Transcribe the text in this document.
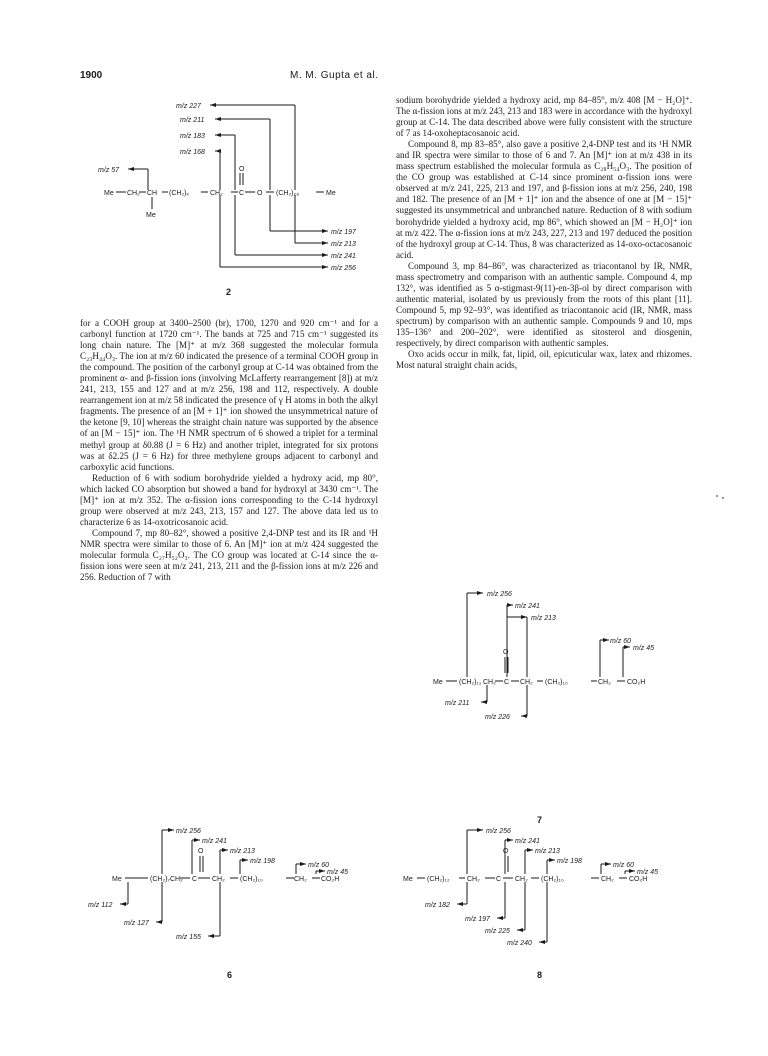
1900	M. M. Gupta et al.
m/z 227
m/z 211
m/z 183
m/z 168
m/z 57
m/z 197
m/z 213
m/z 241
m/z 256
Me CH₂ CH (CH₂)ₓ	CH₂ C O (CH₂)₂₈	Me
Me
O
2

for a COOH group at 3400–2500 (br), 1700, 1270 and 920 cm⁻¹ and for a carbonyl function at 1720 cm⁻¹. The bands at 725 and 715 cm⁻¹ suggested its long chain nature. The [M]⁺ at m/z 368 suggested the molecular formula C₂₃H₄₄O₃. The ion at m/z 60 indicated the presence of a terminal COOH group in the compound. The position of the carbonyl group at C-14 was obtained from the prominent α- and β-fission ions (involving McLafferty rearrangement [8]) at m/z 241, 213, 155 and 127 and at m/z 256, 198 and 112, respectively. A double rearrangement ion at m/z 58 indicated the presence of γ H atoms in both the alkyl fragments. The presence of an [M + 1]⁺ ion showed the unsymmetrical nature of the ketone [9, 10] whereas the straight chain nature was supported by the absence of an [M − 15]⁺ ion. The ¹H NMR spectrum of 6 showed a triplet for a terminal methyl group at δ0.88 (J = 6 Hz) and another triplet, integrated for six protons was at δ2.25 (J = 6 Hz) for three methylene groups adjacent to carbonyl and carboxylic acid functions.

Reduction of 6 with sodium borohydride yielded a hydroxy acid, mp 80°, which lacked CO absorption but showed a band for hydroxyl at 3430 cm⁻¹. The [M]⁺ ion at m/z 352. The α-fission ions corresponding to the C-14 hydroxyl group were observed at m/z 243, 213, 157 and 127. The above data led us to characterize 6 as 14-oxotricosanoic acid.

Compound 7, mp 80–82°, showed a positive 2,4-DNP test and its IR and ¹H NMR spectra were similar to those of 6. An [M]⁺ ion at m/z 424 suggested the molecular formula C₂₇H₅₂O₃. The CO group was located at C-14 since the α-fission ions were seen at m/z 241, 213, 211 and the β-fission ions at m/z 226 and 256. Reduction of 7 with

sodium borohydride yielded a hydroxy acid, mp 84–85°, m/z 408 [M − H₂O]⁺. The α-fission ions at m/z 243, 213 and 183 were in accordance with the hydroxyl group at C-14. The data described above were fully consistent with the structure of 7 as 14-oxoheptacosanoic acid.

Compound 8, mp 83–85°, also gave a positive 2,4-DNP test and its ¹H NMR and IR spectra were similar to those of 6 and 7. An [M]⁺ ion at m/z 438 in its mass spectrum established the molecular formula as C₂₈H₅₄O₃. The position of the CO group was established at C-14 since prominent α-fission ions were observed at m/z 241, 225, 213 and 197, and β-fission ions at m/z 256, 240, 198 and 182. The presence of an [M + 1]⁺ ion and the absence of one at [M − 15]⁺ suggested its unsymmetrical and unbranched nature. Reduction of 8 with sodium borohydride yielded a hydroxy acid, mp 86°, which showed an [M − H₂O]⁺ ion at m/z 422. The α-fission ions at m/z 243, 227, 213 and 197 deduced the position of the hydroxyl group at C-14. Thus, 8 was characterized as 14-oxo-octacosanoic acid.

Compound 3, mp 84–86°, was characterized as triacontanol by IR, NMR, mass spectrometry and comparison with an authentic sample. Compound 4, mp 132°, was identified as 5 α-stigmast-9(11)-en-3β-ol by direct comparison with authentic material, isolated by us previously from the roots of this plant [11]. Compound 5, mp 92–93°, was identified as triacontanoic acid (IR, NMR, mass spectrum) by comparison with an authentic sample. Compounds 9 and 10, mps 135–136° and 200–202°, were identified as sitosterol and diosgenin, respectively, by direct comparison with authentic samples.

Oxo acids occur in milk, fat, lipid, oil, epicuticular wax, latex and rhizomes. Most natural straight chain acids,

m/z 256
m/z 241
m/z 213
m/z 60
m/z 45
m/z 211
m/z 226
Me (CH₂)₁₁ CH₂ C CH₂ (CH₂)₁₀	CH₂ CO₂H
O
7
m/z 256
m/z 241
m/z 213
m/z 198
m/z 60
m/z 45
m/z 112
m/z 127
m/z 155
Me	(CH₂)₇ CH₂ C CH₂ (CH₂)₁₀	CH₂ CO₂H
O
6
m/z 256
m/z 241
m/z 213
m/z 198
m/z 60
m/z 45
m/z 182
m/z 197
m/z 225
m/z 240
Me (CH₂)₁₂ CH₂ C CH₂ (CH₂)₁₀	CH₂ CO₂H
O
8
